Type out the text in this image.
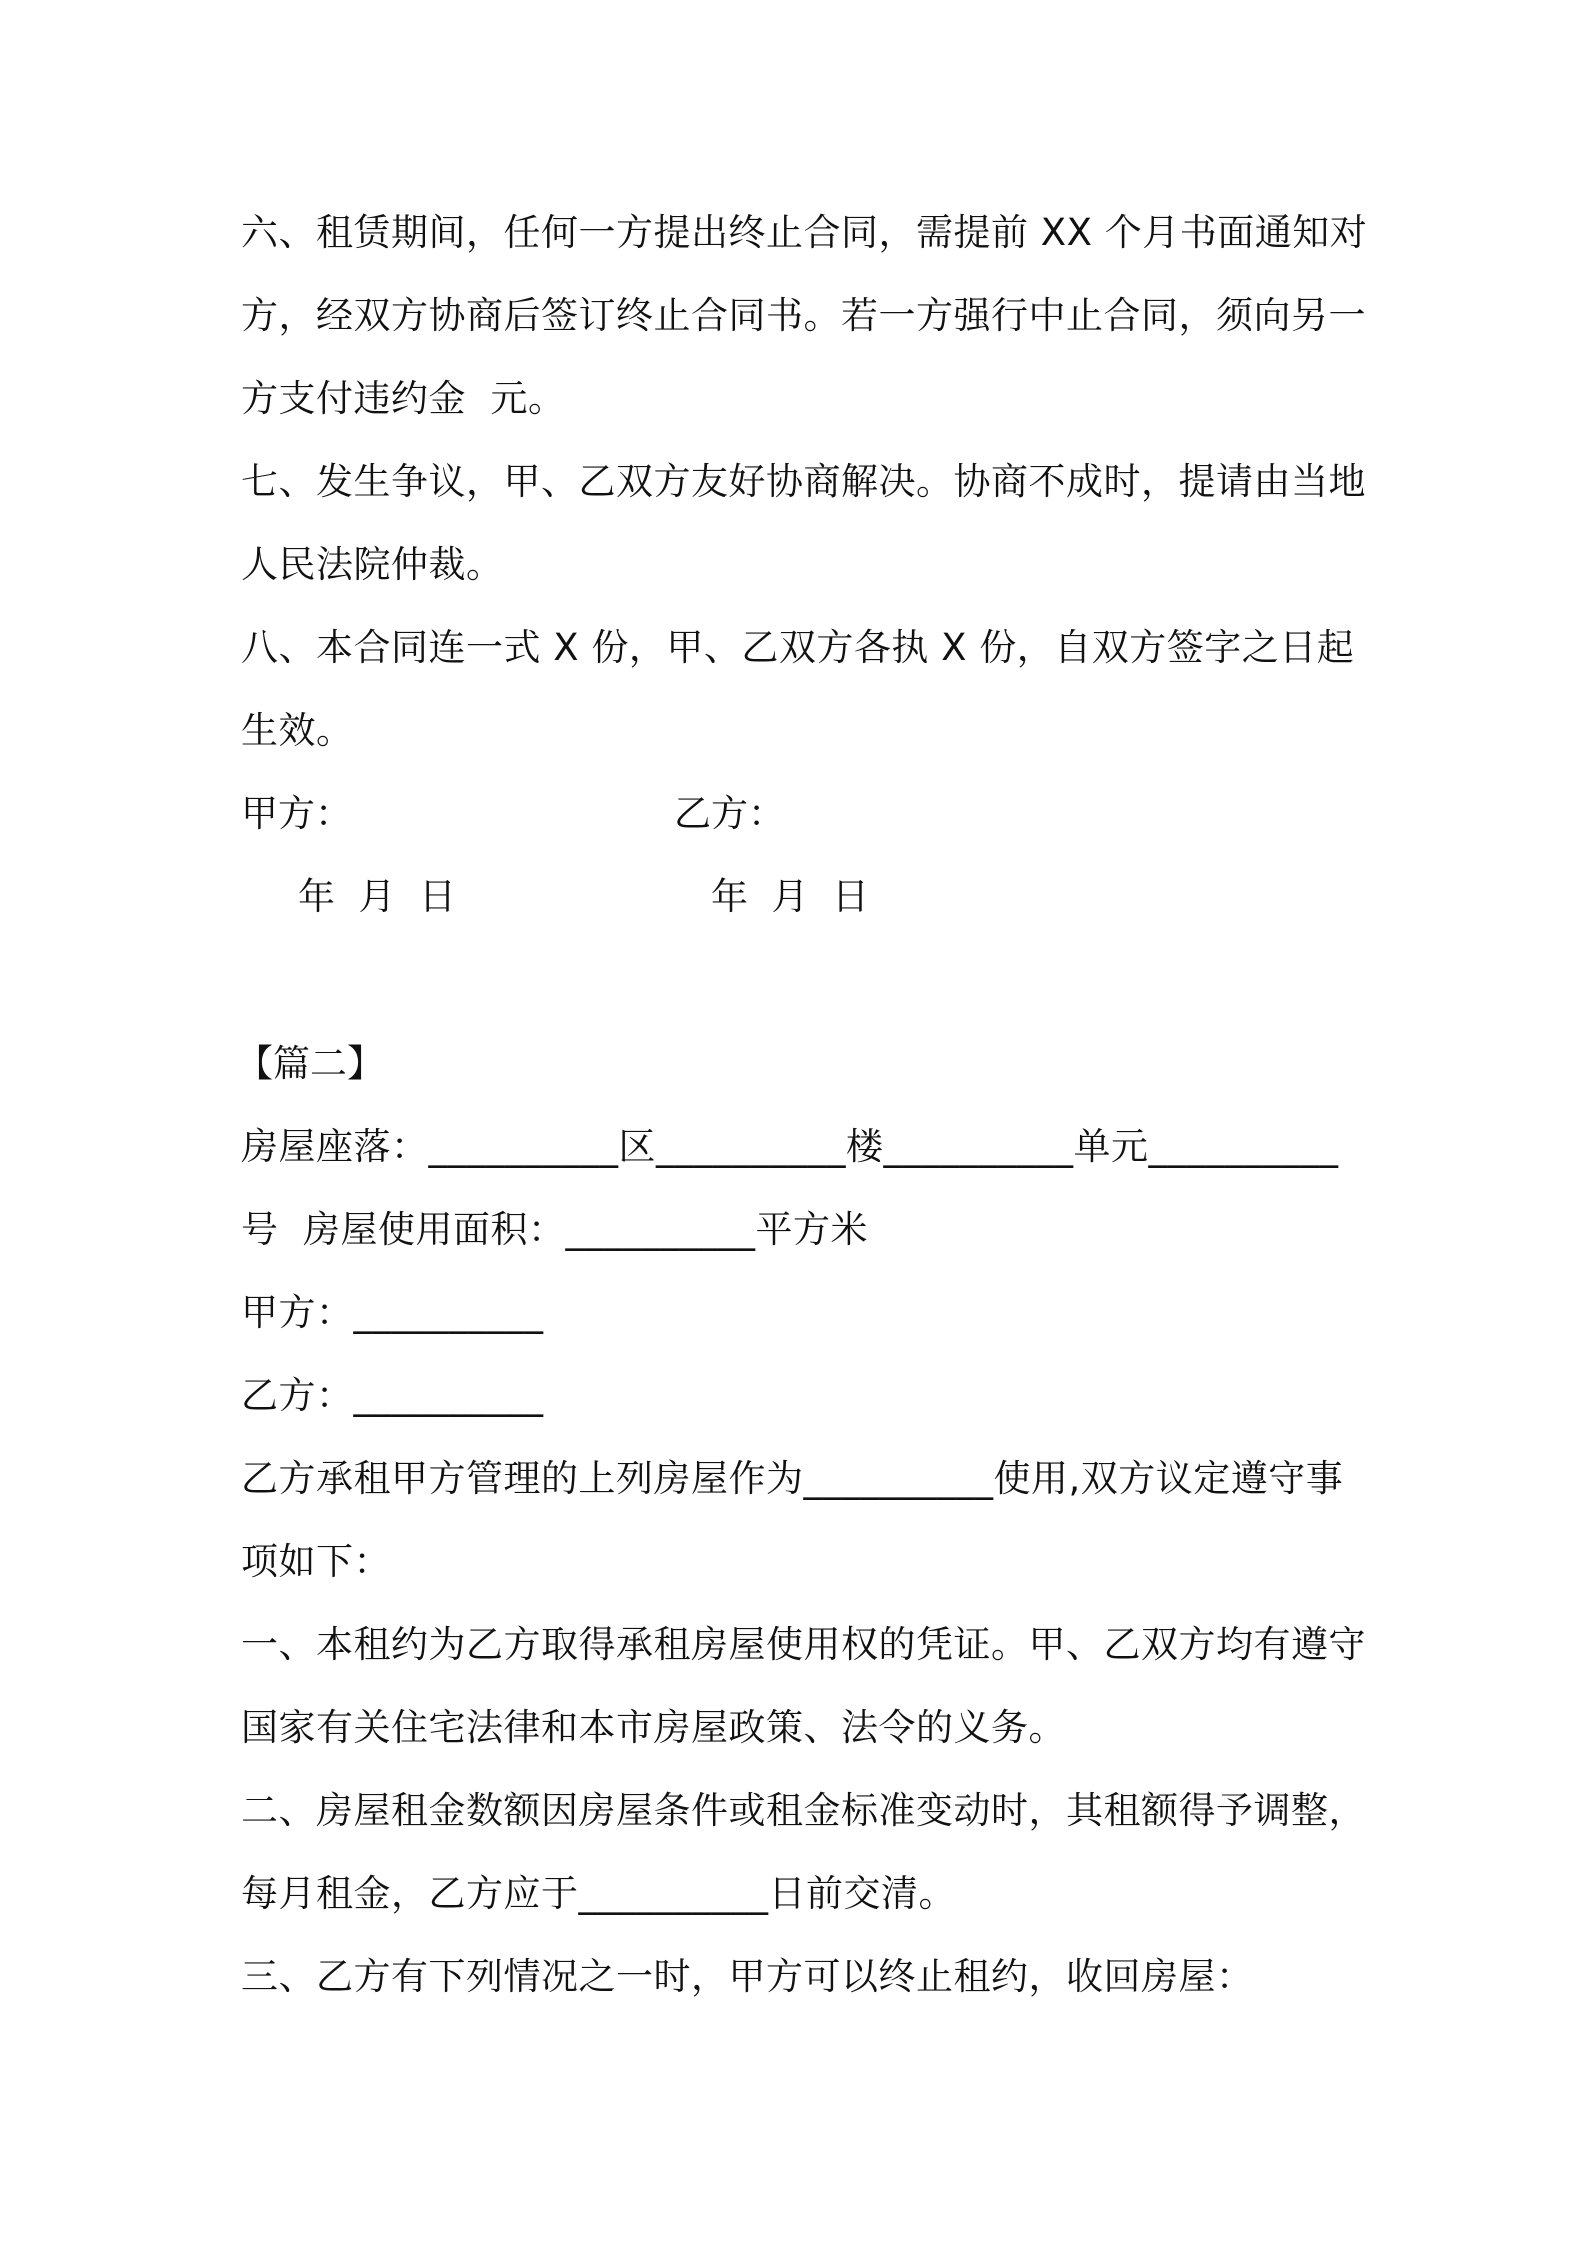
六、租赁期间，任何一方提出终止合同，需提前 XX 个月书面通知对
方，经双方协商后签订终止合同书。若一方强行中止合同，须向另一
方支付违约金  元。
七、发生争议，甲、乙双方友好协商解决。协商不成时，提请由当地
人民法院仲裁。
八、本合同连一式 X 份，甲、乙双方各执 X 份，自双方签字之日起
生效。
甲方：	乙方：
年  月  日	年  月  日
【篇二】
房屋座落：__________区__________楼__________单元__________
号  房屋使用面积：__________平方米
甲方：__________
乙方：__________
乙方承租甲方管理的上列房屋作为__________使用,双方议定遵守事
项如下：
一、本租约为乙方取得承租房屋使用权的凭证。甲、乙双方均有遵守
国家有关住宅法律和本市房屋政策、法令的义务。
二、房屋租金数额因房屋条件或租金标准变动时，其租额得予调整，
每月租金，乙方应于__________日前交清。
三、乙方有下列情况之一时，甲方可以终止租约，收回房屋：
